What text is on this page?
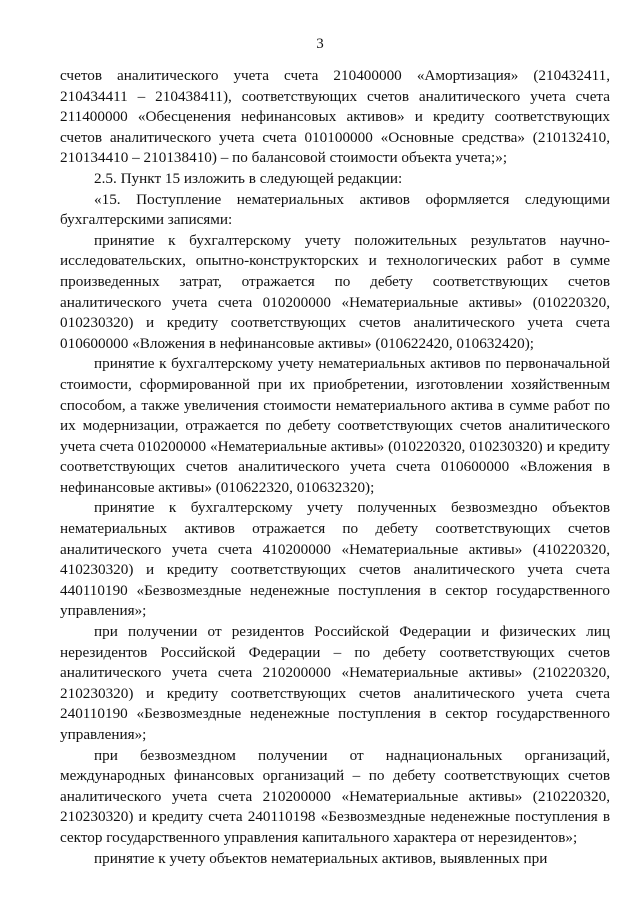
3

счетов аналитического учета счета 210400000 «Амортизация» (210432411, 210434411 – 210438411), соответствующих счетов аналитического учета счета 211400000 «Обесценения нефинансовых активов» и кредиту соответствующих счетов аналитического учета счета 010100000 «Основные средства» (210132410, 210134410 – 210138410) – по балансовой стоимости объекта учета;»;

2.5. Пункт 15 изложить в следующей редакции:

«15. Поступление нематериальных активов оформляется следующими бухгалтерскими записями:

принятие к бухгалтерскому учету положительных результатов научно-исследовательских, опытно-конструкторских и технологических работ в сумме произведенных затрат, отражается по дебету соответствующих счетов аналитического учета счета 010200000 «Нематериальные активы» (010220320, 010230320) и кредиту соответствующих счетов аналитического учета счета 010600000 «Вложения в нефинансовые активы» (010622420, 010632420);

принятие к бухгалтерскому учету нематериальных активов по первоначальной стоимости, сформированной при их приобретении, изготовлении хозяйственным способом, а также увеличения стоимости нематериального актива в сумме работ по их модернизации, отражается по дебету соответствующих счетов аналитического учета счета 010200000 «Нематериальные активы» (010220320, 010230320) и кредиту соответствующих счетов аналитического учета счета 010600000 «Вложения в нефинансовые активы» (010622320, 010632320);

принятие к бухгалтерскому учету полученных безвозмездно объектов нематериальных активов отражается по дебету соответствующих счетов аналитического учета счета 410200000 «Нематериальные активы» (410220320, 410230320) и кредиту соответствующих счетов аналитического учета счета 440110190 «Безвозмездные неденежные поступления в сектор государственного управления»;

при получении от резидентов Российской Федерации и физических лиц нерезидентов Российской Федерации – по дебету соответствующих счетов аналитического учета счета 210200000 «Нематериальные активы» (210220320, 210230320) и кредиту соответствующих счетов аналитического учета счета 240110190 «Безвозмездные неденежные поступления в сектор государственного управления»;

при безвозмездном получении от наднациональных организаций, международных финансовых организаций – по дебету соответствующих счетов аналитического учета счета 210200000 «Нематериальные активы» (210220320, 210230320) и кредиту счета 240110198 «Безвозмездные неденежные поступления в сектор государственного управления капитального характера от нерезидентов»;

принятие к учету объектов нематериальных активов, выявленных при
